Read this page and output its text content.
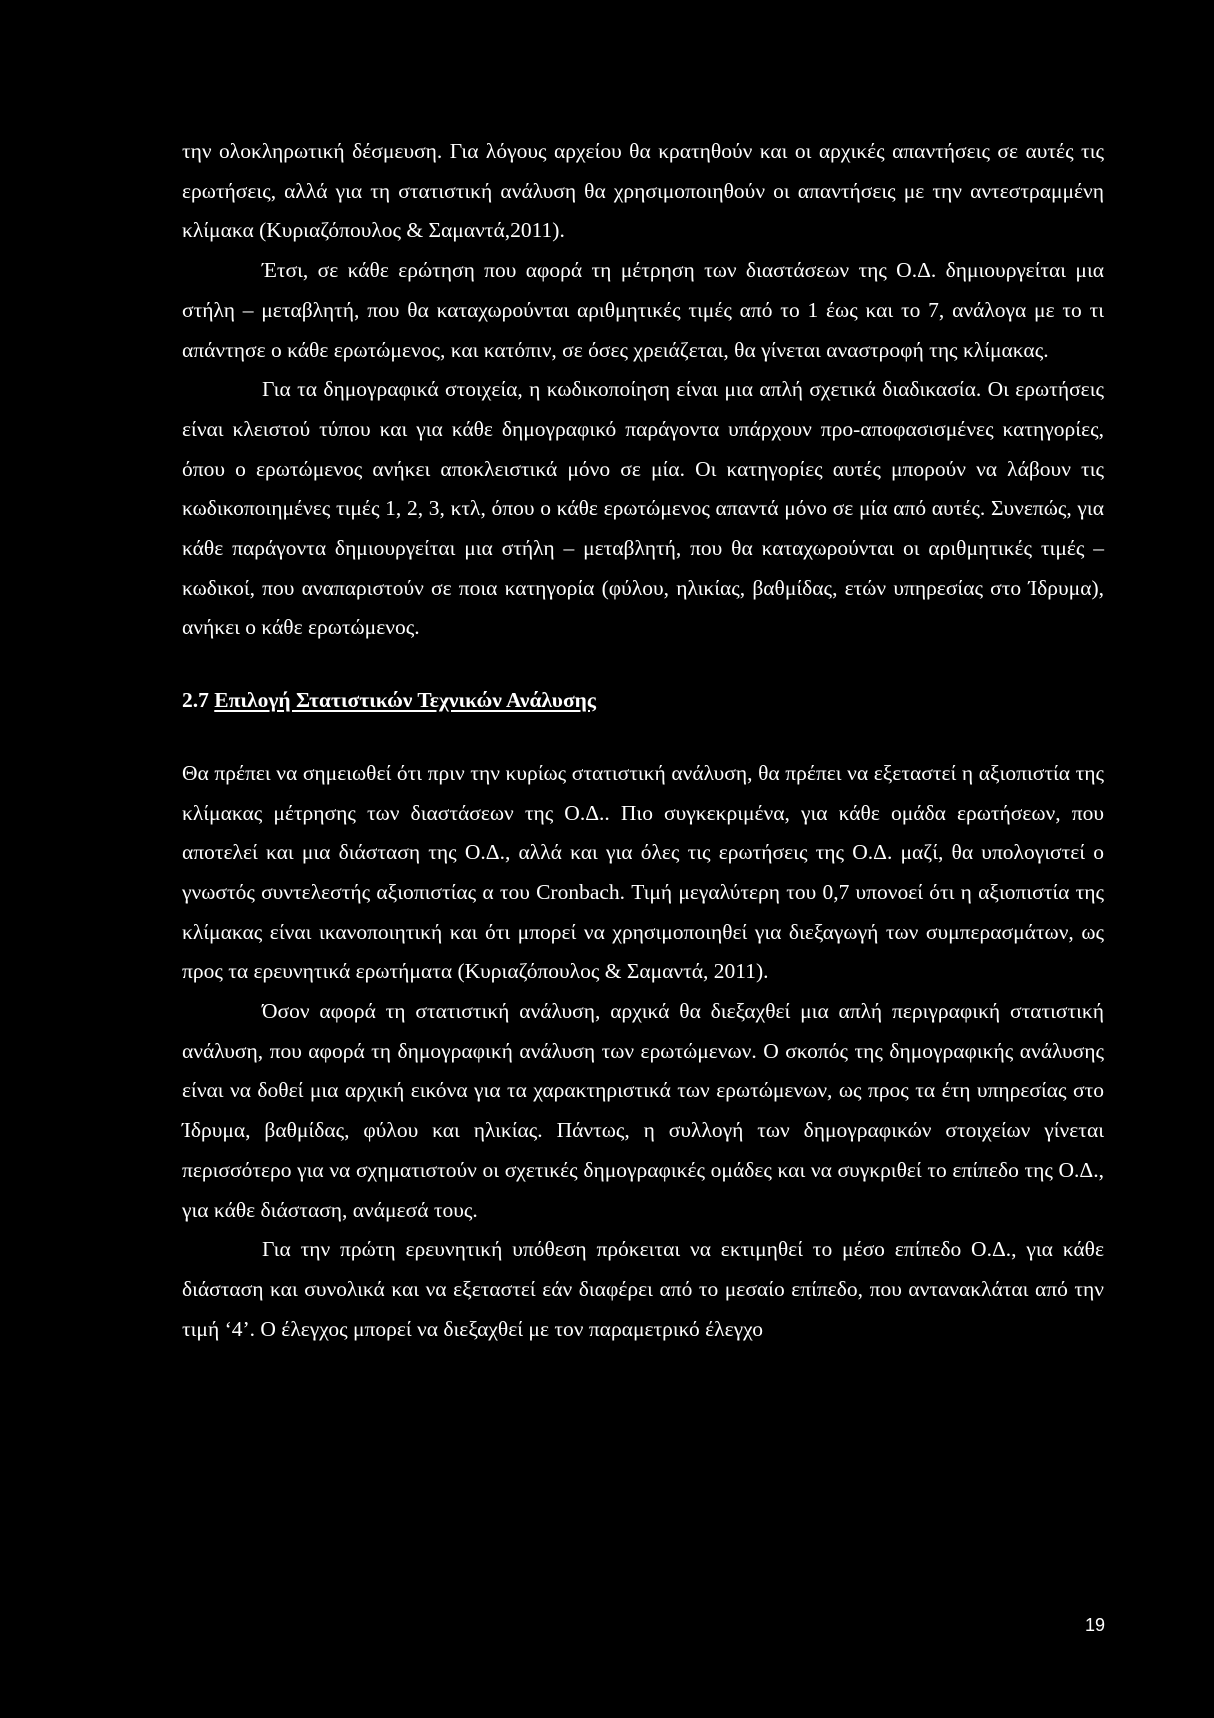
την ολοκληρωτική δέσμευση. Για λόγους αρχείου θα κρατηθούν και οι αρχικές απαντήσεις σε αυτές τις ερωτήσεις, αλλά για τη στατιστική ανάλυση θα χρησιμοποιηθούν οι απαντήσεις με την αντεστραμμένη κλίμακα (Κυριαζόπουλος & Σαμαντά,2011).

Έτσι, σε κάθε ερώτηση που αφορά τη μέτρηση των διαστάσεων της Ο.Δ. δημιουργείται μια στήλη – μεταβλητή, που θα καταχωρούνται αριθμητικές τιμές από το 1 έως και το 7, ανάλογα με το τι απάντησε ο κάθε ερωτώμενος, και κατόπιν, σε όσες χρειάζεται, θα γίνεται αναστροφή της κλίμακας.

Για τα δημογραφικά στοιχεία, η κωδικοποίηση είναι μια απλή σχετικά διαδικασία. Οι ερωτήσεις είναι κλειστού τύπου και για κάθε δημογραφικό παράγοντα υπάρχουν προ-αποφασισμένες κατηγορίες, όπου ο ερωτώμενος ανήκει αποκλειστικά μόνο σε μία. Οι κατηγορίες αυτές μπορούν να λάβουν τις κωδικοποιημένες τιμές 1, 2, 3, κτλ, όπου ο κάθε ερωτώμενος απαντά μόνο σε μία από αυτές. Συνεπώς, για κάθε παράγοντα δημιουργείται μια στήλη – μεταβλητή, που θα καταχωρούνται οι αριθμητικές τιμές – κωδικοί, που αναπαριστούν σε ποια κατηγορία (φύλου, ηλικίας, βαθμίδας, ετών υπηρεσίας στο Ίδρυμα), ανήκει ο κάθε ερωτώμενος.

2.7 Επιλογή Στατιστικών Τεχνικών Ανάλυσης

Θα πρέπει να σημειωθεί ότι πριν την κυρίως στατιστική ανάλυση, θα πρέπει να εξεταστεί η αξιοπιστία της κλίμακας μέτρησης των διαστάσεων της Ο.Δ.. Πιο συγκεκριμένα, για κάθε ομάδα ερωτήσεων, που αποτελεί και μια διάσταση της Ο.Δ., αλλά και για όλες τις ερωτήσεις της Ο.Δ. μαζί, θα υπολογιστεί ο γνωστός συντελεστής αξιοπιστίας α του Cronbach. Τιμή μεγαλύτερη του 0,7 υπονοεί ότι η αξιοπιστία της κλίμακας είναι ικανοποιητική και ότι μπορεί να χρησιμοποιηθεί για διεξαγωγή των συμπερασμάτων, ως προς τα ερευνητικά ερωτήματα (Κυριαζόπουλος & Σαμαντά, 2011).

Όσον αφορά τη στατιστική ανάλυση, αρχικά θα διεξαχθεί μια απλή περιγραφική στατιστική ανάλυση, που αφορά τη δημογραφική ανάλυση των ερωτώμενων. Ο σκοπός της δημογραφικής ανάλυσης είναι να δοθεί μια αρχική εικόνα για τα χαρακτηριστικά των ερωτώμενων, ως προς τα έτη υπηρεσίας στο Ίδρυμα, βαθμίδας, φύλου και ηλικίας. Πάντως, η συλλογή των δημογραφικών στοιχείων γίνεται περισσότερο για να σχηματιστούν οι σχετικές δημογραφικές ομάδες και να συγκριθεί το επίπεδο της Ο.Δ., για κάθε διάσταση, ανάμεσά τους.

Για την πρώτη ερευνητική υπόθεση πρόκειται να εκτιμηθεί το μέσο επίπεδο Ο.Δ., για κάθε διάσταση και συνολικά και να εξεταστεί εάν διαφέρει από το μεσαίο επίπεδο, που αντανακλάται από την τιμή ‘4’. Ο έλεγχος μπορεί να διεξαχθεί με τον παραμετρικό έλεγχο

19
